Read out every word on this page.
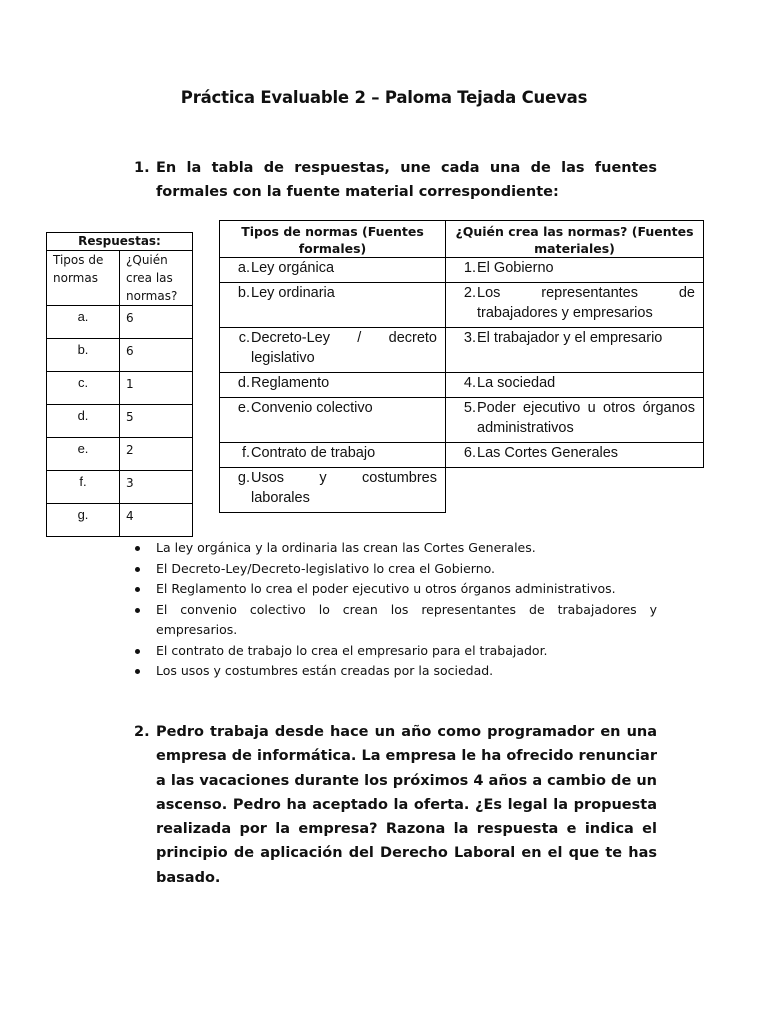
Práctica Evaluable 2 – Paloma Tejada Cuevas
1. En la tabla de respuestas, une cada una de las fuentes formales con la fuente material correspondiente:
Respuestas:	
Tipos de normas	¿Quién crea las normas?
a.	6
b.	6
c.	1
d.	5
e.	2
f.	3
g.	4
Tipos de normas (Fuentes formales)	¿Quién crea las normas? (Fuentes materiales)

a. Ley orgánica	1. El Gobierno

b. Ley ordinaria	2. Los representantes de trabajadores y empresarios

c. Decreto-Ley / decreto legislativo	3. El trabajador y el empresario

d. Reglamento	4. La sociedad

e. Convenio colectivo	5. Poder ejecutivo u otros órganos administrativos

f. Contrato de trabajo	6. Las Cortes Generales

g. Usos y costumbres laborales	

La ley orgánica y la ordinaria las crean las Cortes Generales.
El Decreto-Ley/Decreto-legislativo lo crea el Gobierno.
El Reglamento lo crea el poder ejecutivo u otros órganos administrativos.
El convenio colectivo lo crean los representantes de trabajadores y empresarios.
El contrato de trabajo lo crea el empresario para el trabajador.
Los usos y costumbres están creadas por la sociedad.
2. Pedro trabaja desde hace un año como programador en una empresa de informática. La empresa le ha ofrecido renunciar a las vacaciones durante los próximos 4 años a cambio de un ascenso. Pedro ha aceptado la oferta. ¿Es legal la propuesta realizada por la empresa? Razona la respuesta e indica el principio de aplicación del Derecho Laboral en el que te has basado.
